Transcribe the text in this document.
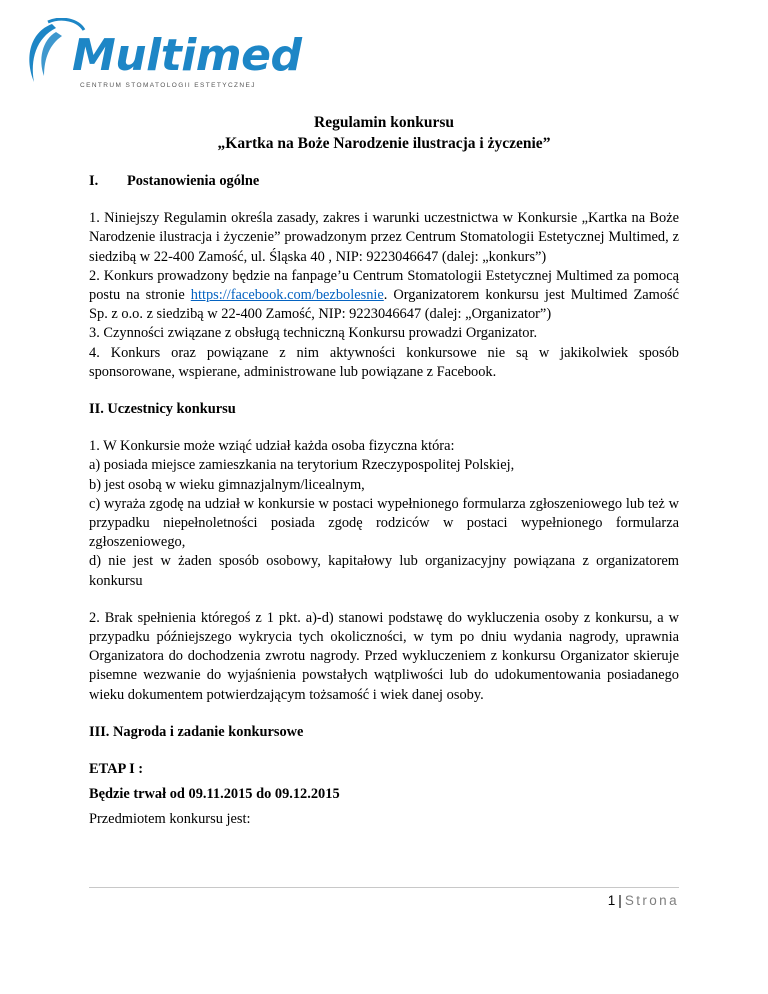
Multimed
CENTRUM STOMATOLOGII ESTETYCZNEJ

Regulamin konkursu

„Kartka na Boże Narodzenie ilustracja i życzenie”

I.	Postanowienia ogólne

1. Niniejszy Regulamin określa zasady, zakres i warunki uczestnictwa w Konkursie „Kartka na Boże Narodzenie ilustracja i życzenie” prowadzonym przez Centrum Stomatologii Estetycznej Multimed, z siedzibą w 22-400 Zamość, ul. Śląska 40 , NIP: 9223046647 (dalej: „konkurs”)

2. Konkurs prowadzony będzie na fanpage’u Centrum Stomatologii Estetycznej Multimed za pomocą postu na stronie https://facebook.com/bezbolesnie. Organizatorem konkursu jest Multimed Zamość Sp. z o.o. z siedzibą w 22-400 Zamość, NIP: 9223046647 (dalej: „Organizator”)

3. Czynności związane z obsługą techniczną Konkursu prowadzi Organizator.

4. Konkurs oraz powiązane z nim aktywności konkursowe nie są w jakikolwiek sposób sponsorowane, wspierane, administrowane lub powiązane z Facebook.

II. Uczestnicy konkursu

1. W Konkursie może wziąć udział każda osoba fizyczna która:

a) posiada miejsce zamieszkania na terytorium Rzeczypospolitej Polskiej,

b) jest osobą w wieku gimnazjalnym/licealnym,

c) wyraża zgodę na udział w konkursie w postaci wypełnionego formularza zgłoszeniowego lub też w przypadku niepełnoletności posiada zgodę rodziców w postaci wypełnionego formularza zgłoszeniowego,

d) nie jest w żaden sposób osobowy, kapitałowy lub organizacyjny powiązana z organizatorem konkursu

2. Brak spełnienia któregoś z 1 pkt. a)-d) stanowi podstawę do wykluczenia osoby z konkursu, a w przypadku późniejszego wykrycia tych okoliczności, w tym po dniu wydania nagrody, uprawnia Organizatora do dochodzenia zwrotu nagrody. Przed wykluczeniem z konkursu Organizator skieruje pisemne wezwanie do wyjaśnienia powstałych wątpliwości lub do udokumentowania posiadanego wieku dokumentem potwierdzającym tożsamość i wiek danej osoby.

III. Nagroda i zadanie konkursowe

ETAP I :

Będzie trwał od 09.11.2015 do 09.12.2015

Przedmiotem konkursu jest:

1 | Strona
